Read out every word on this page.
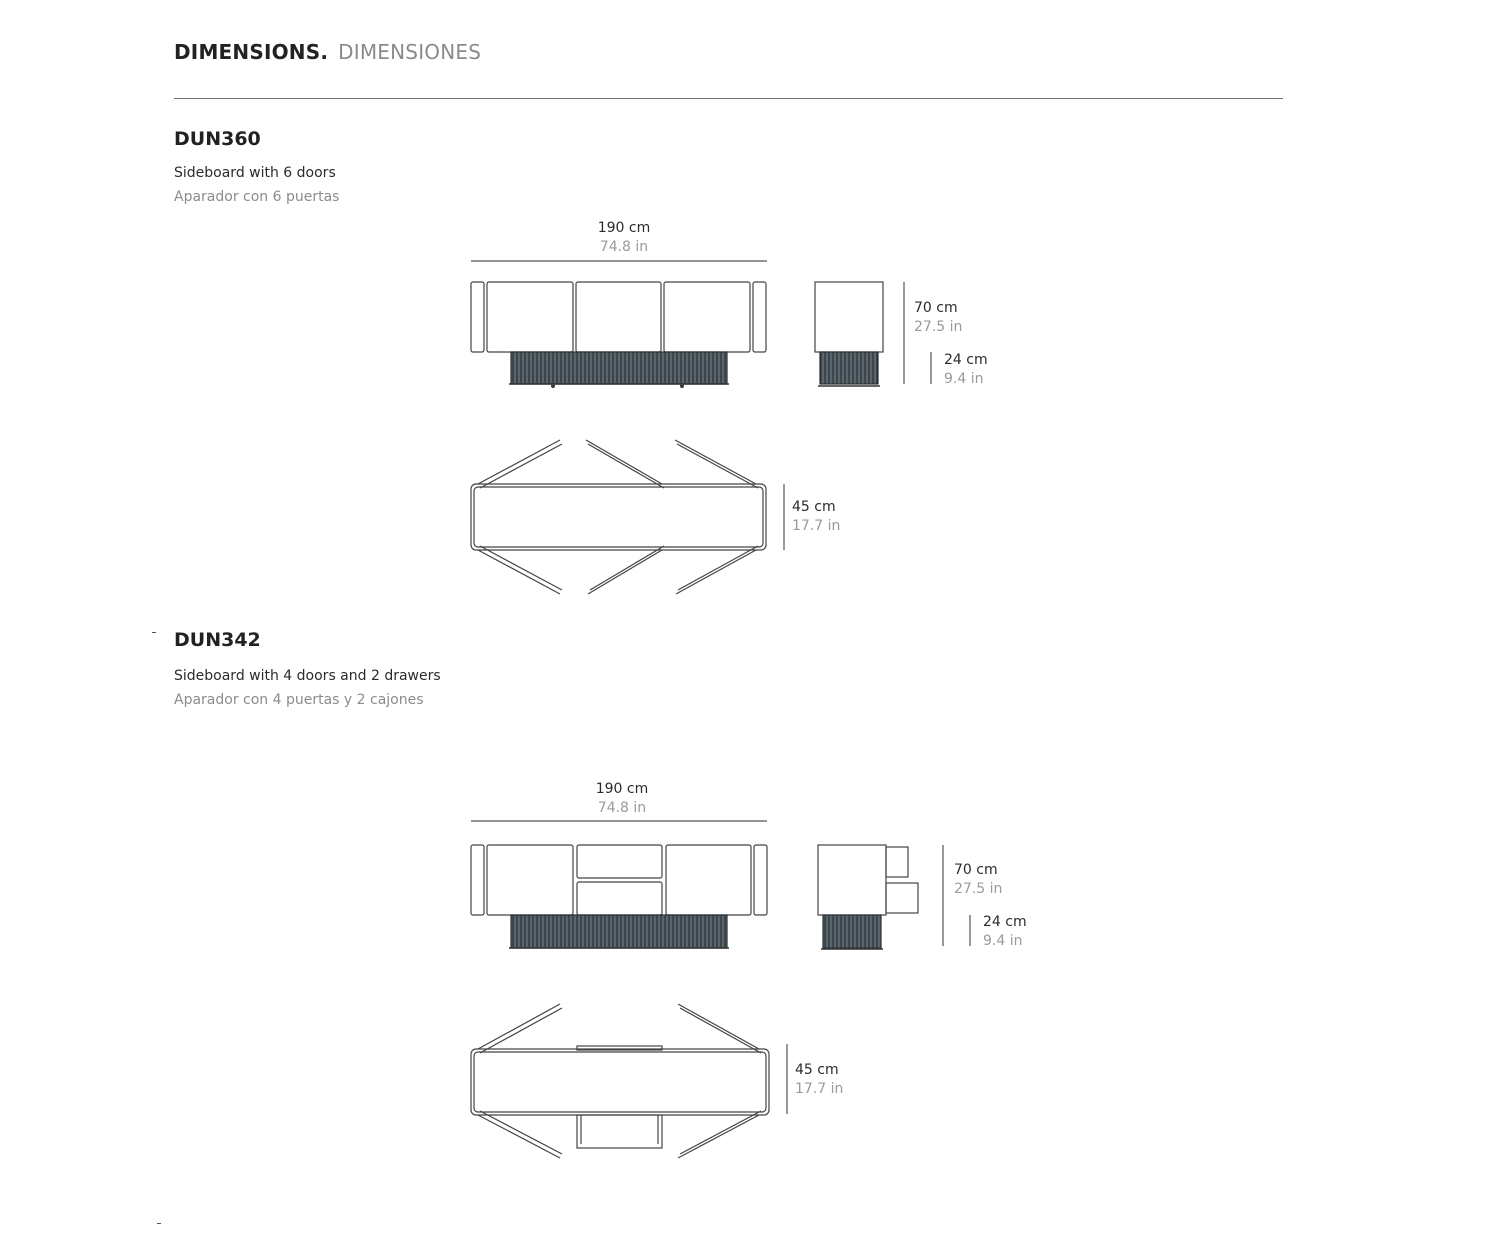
DIMENSIONS. DIMENSIONES
DUN360
Sideboard with 6 doors
Aparador con 6 puertas
DUN342
Sideboard with 4 doors and 2 drawers
Aparador con 4 puertas y 2 cajones
190 cm
74.8 in
70 cm
27.5 in
24 cm
9.4 in
45 cm
17.7 in
190 cm
74.8 in
70 cm
27.5 in
24 cm
9.4 in
45 cm
17.7 in
